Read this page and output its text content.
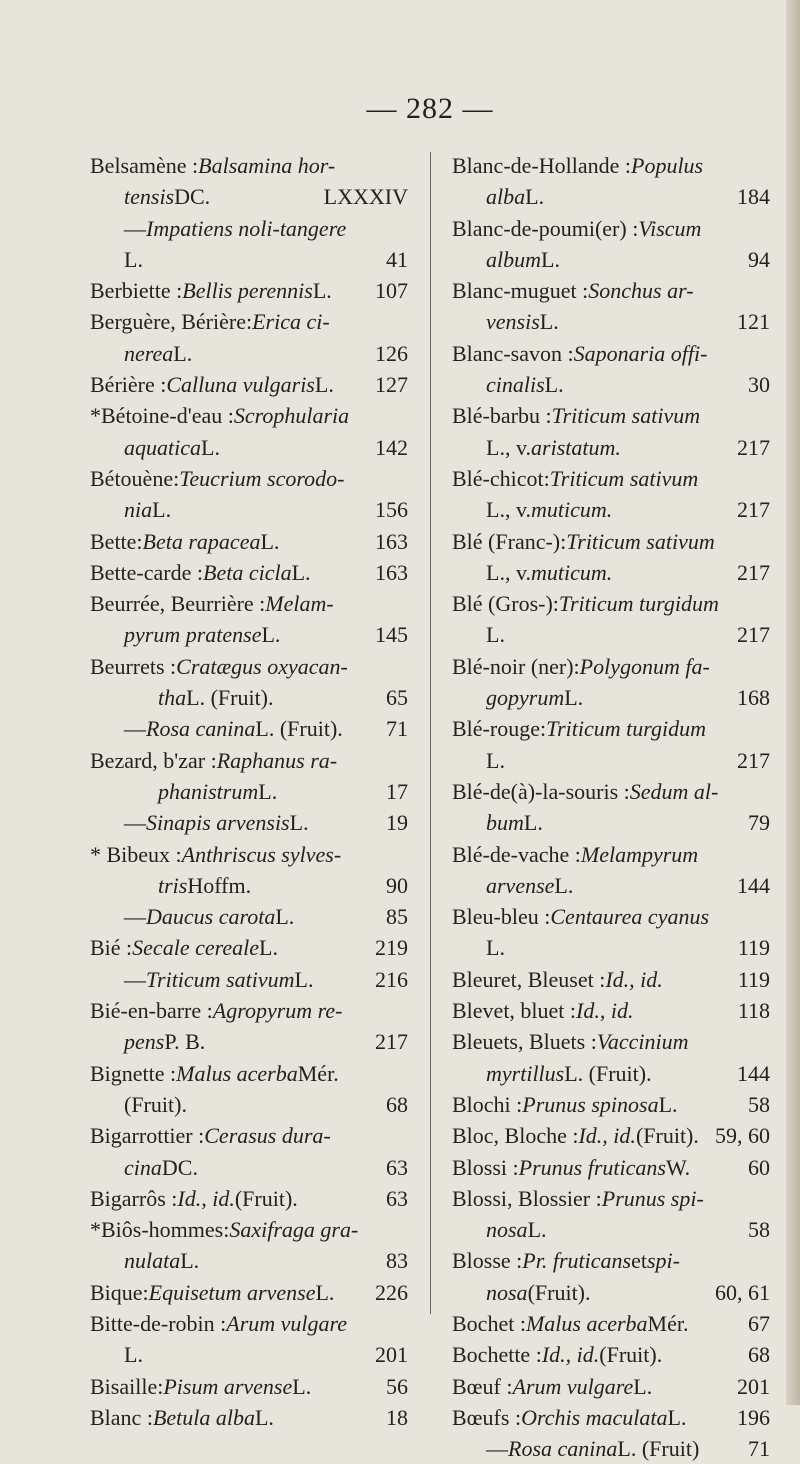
— 282 —
Belsamène : Balsamina hor-
tensis DC.	LXXXIV
— Impatiens noli-tangere
L.	41
Berbiette : Bellis perennis L. 107
Berguère, Bérière: Erica ci-
nerea L.	126
Bérière : Calluna vulgaris L. 127
*Bétoine-d'eau : Scrophularia
aquatica L.	142
Bétouène: Teucrium scorodo-
nia L.	156
Bette: Beta rapacea L.	163
Bette-carde : Beta cicla L.	163
Beurrée, Beurrière : Melam-
pyrum pratense L.	145
Beurrets : Cratægus oxyacan-
tha L. (Fruit).	65
— Rosa canina L. (Fruit). 71
Bezard, b'zar : Raphanus ra-
phanistrum L.	17
— Sinapis arvensis L.	19
* Bibeux : Anthriscus sylves-
tris Hoffm.	90
— Daucus carota L.	85
Bié : Secale cereale L.	219
— Triticum sativum L.	216
Bié-en-barre : Agropyrum re-
pens P. B.	217
Bignette : Malus acerba Mér.
(Fruit).	68
Bigarrottier : Cerasus dura-
cina DC.	63
Bigarrôs : Id., id. (Fruit).	63
*Biôs-hommes: Saxifraga gra-
nulata L.	83
Bique: Equisetum arvense L. 226
Bitte-de-robin : Arum vulgare
L.	201
Bisaille: Pisum arvense L.	56
Blanc : Betula alba L.	18
Blanc-de-Hollande : Populus
alba L.	184
Blanc-de-poumi(er) : Viscum
album L.	94
Blanc-muguet : Sonchus ar-
vensis L.	121
Blanc-savon : Saponaria offi-
cinalis L.	30
Blé-barbu : Triticum sativum
L., v. aristatum.	217
Blé-chicot: Triticum sativum
L., v. muticum.	217
Blé (Franc-): Triticum sativum
L., v. muticum.	217
Blé (Gros-): Triticum turgidum
L.	217
Blé-noir (ner): Polygonum fa-
gopyrum L.	168
Blé-rouge: Triticum turgidum
L.	217
Blé-de(à)-la-souris : Sedum al-
bum L.	79
Blé-de-vache : Melampyrum
arvense L.	144
Bleu-bleu : Centaurea cyanus
L.	119
Bleuret, Bleuset : Id., id.	119
Blevet, bluet : Id., id.	118
Bleuets, Bluets : Vaccinium
myrtillus L. (Fruit).	144
Blochi : Prunus spinosa L.	58
Bloc, Bloche : Id., id. (Fruit). 59, 60
Blossi : Prunus fruticans W.	60
Blossi, Blossier : Prunus spi-
nosa L.	58
Blosse : Pr. fruticans et spi-
nosa (Fruit).	60, 61
Bochet : Malus acerba Mér.	67
Bochette : Id., id. (Fruit).	68
Bœuf : Arum vulgare L.	201
Bœufs : Orchis maculata L. 196
— Rosa canina L. (Fruit) 71
